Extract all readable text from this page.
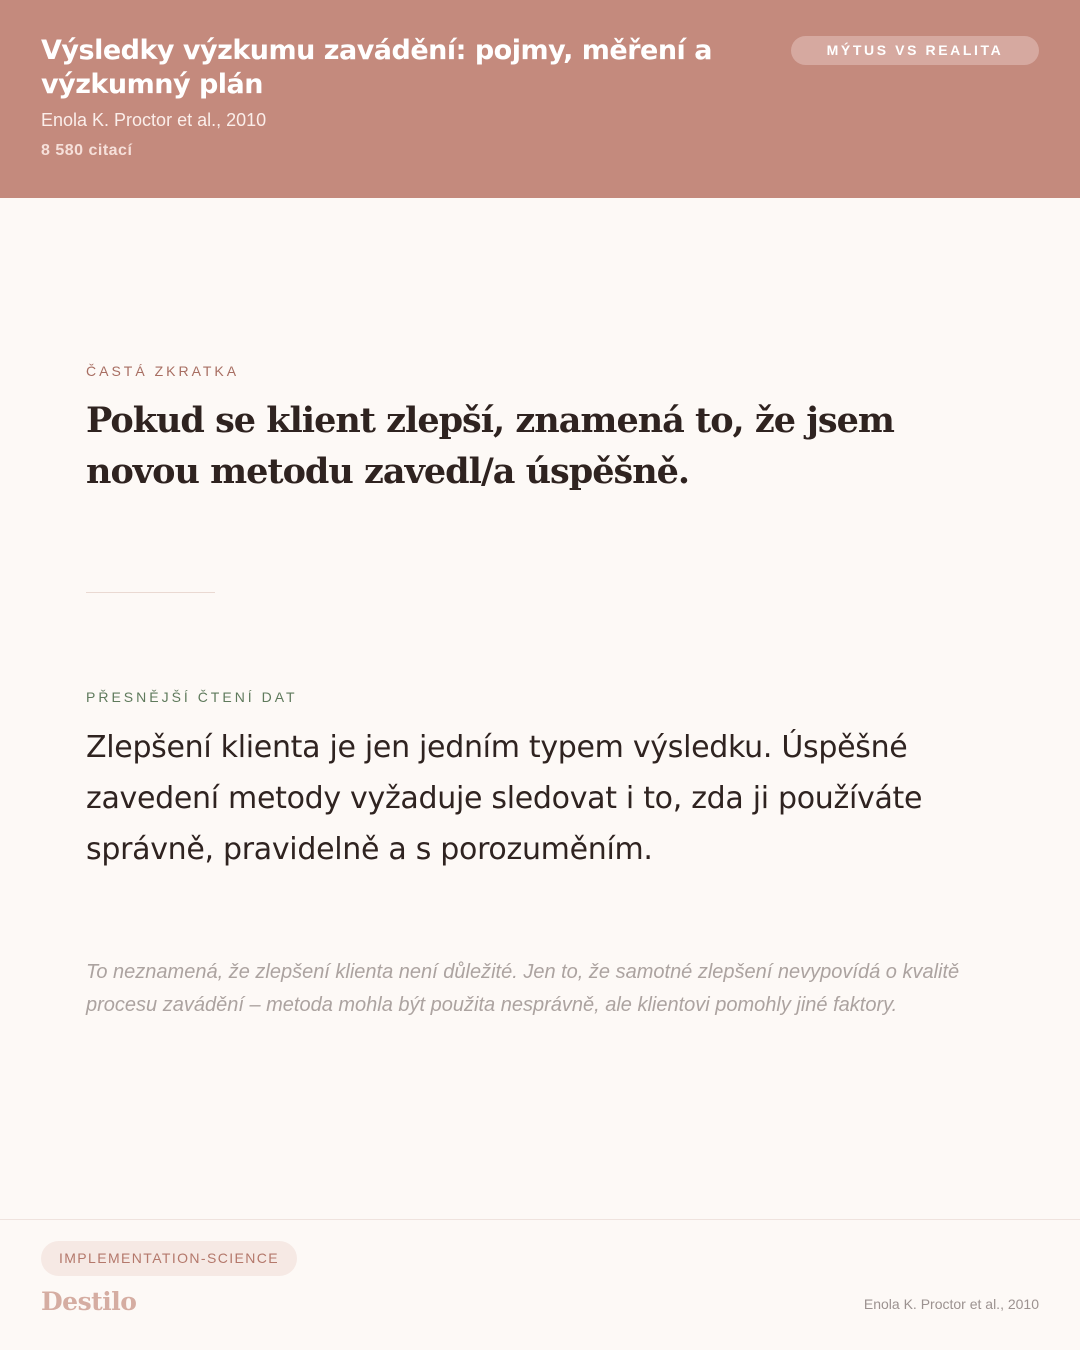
Výsledky výzkumu zavádění: pojmy, měření a výzkumný plán
Enola K. Proctor et al., 2010
8 580 citací
MÝTUS VS REALITA
ČASTÁ ZKRATKA

Pokud se klient zlepší, znamená to, že jsem novou metodu zavedl/a úspěšně.

PŘESNĚJŠÍ ČTENÍ DAT

Zlepšení klienta je jen jedním typem výsledku. Úspěšné zavedení metody vyžaduje sledovat i to, zda ji používáte správně, pravidelně a s porozuměním.

To neznamená, že zlepšení klienta není důležité. Jen to, že samotné zlepšení nevypovídá o kvalitě procesu zavádění – metoda mohla být použita nesprávně, ale klientovi pomohly jiné faktory.

IMPLEMENTATION-SCIENCE
Destilo	Enola K. Proctor et al., 2010
